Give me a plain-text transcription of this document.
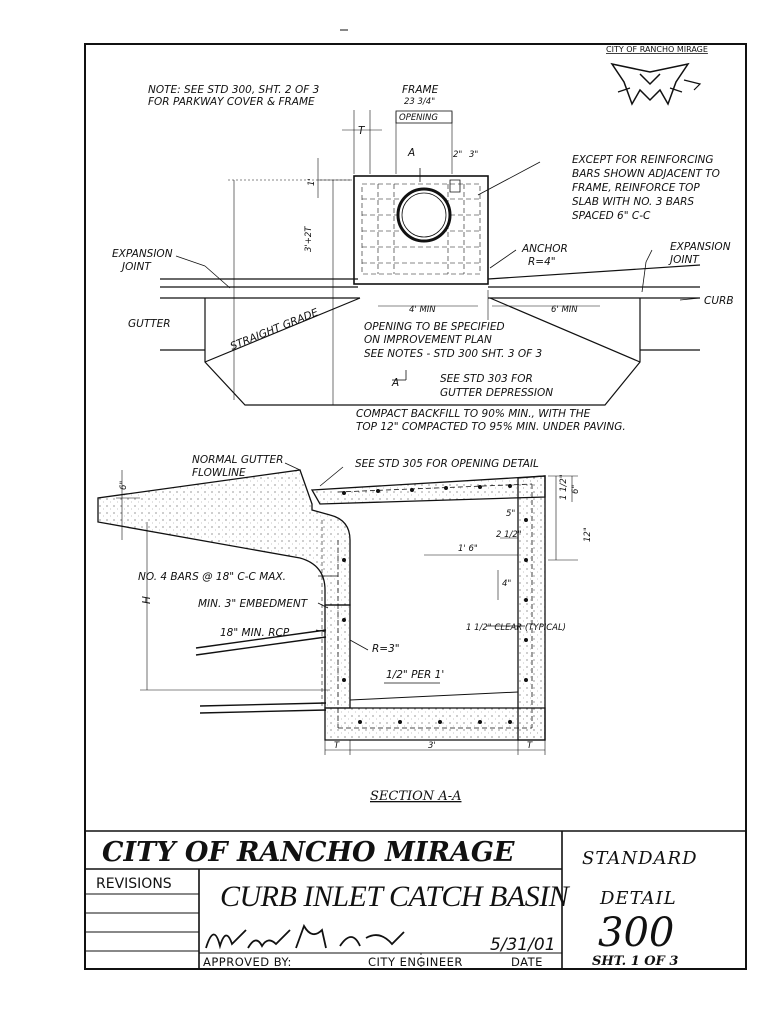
CITY OF RANCHO MIRAGE
NOTE: SEE STD 300, SHT. 2 OF 3
FOR PARKWAY COVER & FRAME
FRAME
23 3/4"
OPENING
T
A	2" 3"	EXCEPT FOR REINFORCING
BARS SHOWN ADJACENT TO
FRAME, REINFORCE TOP
SLAB WITH NO. 3 BARS
SPACED 6" C-C
3'+2T
1'
EXPANSION
JOINT
EXPANSION
JOINT
ANCHOR
R=4"
CURB
GUTTER	STRAIGHT GRADE	4' MIN	6' MIN
OPENING TO BE SPECIFIED
ON IMPROVEMENT PLAN
SEE NOTES - STD 300 SHT. 3 OF 3
A	SEE STD 303 FOR
GUTTER DEPRESSION
COMPACT BACKFILL TO 90% MIN., WITH THE
TOP 12" COMPACTED TO 95% MIN. UNDER PAVING.
NORMAL GUTTER
FLOWLINE
SEE STD 305 FOR OPENING DETAIL
6"	1 1/2" 6"
12"
2 1/2"
1' 6"
4"
5"
H
NO. 4 BARS @ 18" C-C MAX.
MIN. 3" EMBEDMENT
18" MIN. RCP
R=3"
1 1/2" CLEAR (TYPICAL)
1/2" PER 1'
T	3'	T
SECTION A-A
CITY OF RANCHO MIRAGE
REVISIONS CURB INLET CATCH BASIN
5/31/01
APPROVED BY:	CITY ENGINEER	DATE
STANDARD
DETAIL
300
SHT. 1 OF 3
